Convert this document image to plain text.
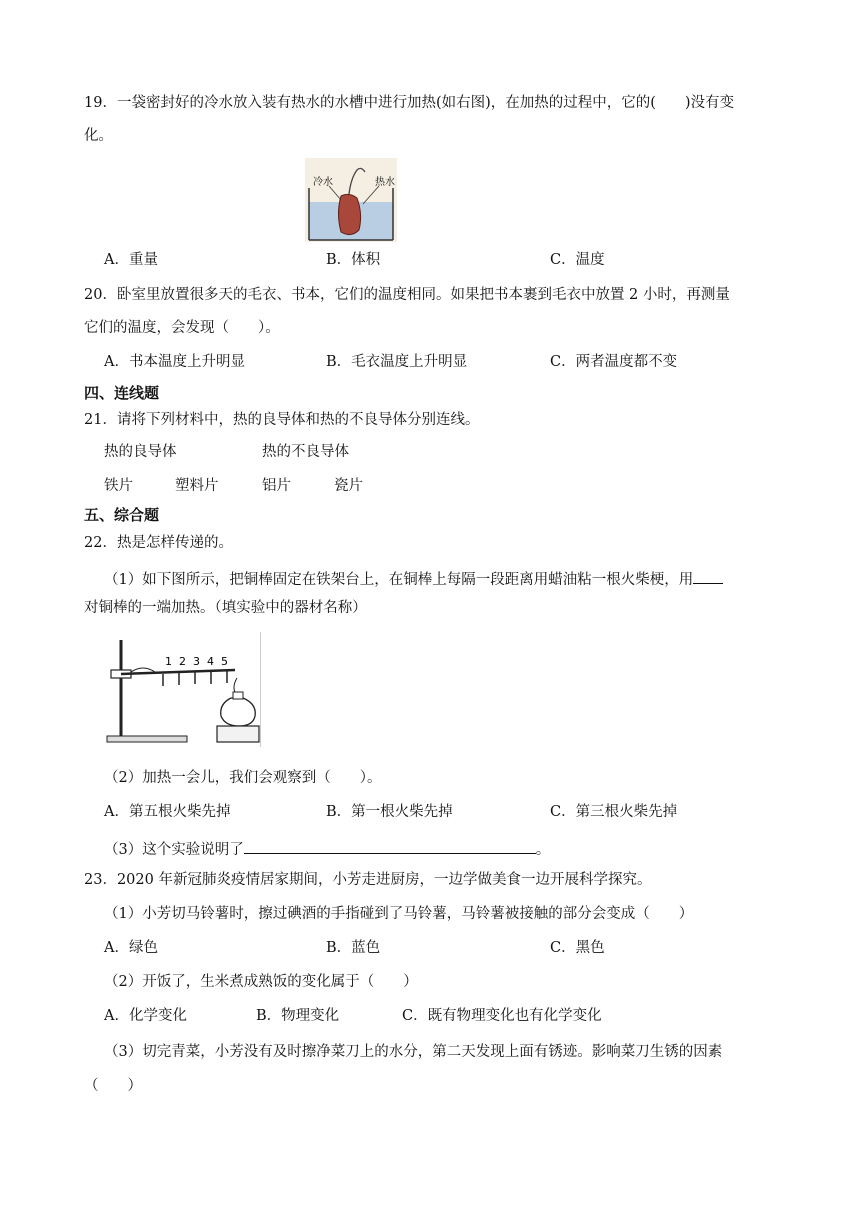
19．一袋密封好的冷水放入装有热水的水槽中进行加热(如右图)，在加热的过程中，它的(　　)没有变
化。
冷水	热水
A．重量	B．体积	C．温度
20．卧室里放置很多天的毛衣、书本，它们的温度相同。如果把书本裹到毛衣中放置 2 小时，再测量
它们的温度，会发现（　　）。
A．书本温度上升明显	B．毛衣温度上升明显	C．两者温度都不变
四、连线题
21．请将下列材料中，热的良导体和热的不良导体分别连线。
热的良导体	热的不良导体
铁片	塑料片	铝片	瓷片
五、综合题
22．热是怎样传递的。
（1）如下图所示，把铜棒固定在铁架台上，在铜棒上每隔一段距离用蜡油粘一根火柴梗，用
对铜棒的一端加热。（填实验中的器材名称）
1 2 3 4 5
（2）加热一会儿，我们会观察到（　　）。
A．第五根火柴先掉	B．第一根火柴先掉	C．第三根火柴先掉
（3）这个实验说明了	。
23．2020 年新冠肺炎疫情居家期间，小芳走进厨房，一边学做美食一边开展科学探究。
（1）小芳切马铃薯时，擦过碘酒的手指碰到了马铃薯，马铃薯被接触的部分会变成（　　）
A．绿色	B．蓝色	C．黑色
（2）开饭了，生米煮成熟饭的变化属于（　　）
A．化学变化	B．物理变化	C．既有物理变化也有化学变化
（3）切完青菜，小芳没有及时擦净菜刀上的水分，第二天发现上面有锈迹。影响菜刀生锈的因素
（　　）
